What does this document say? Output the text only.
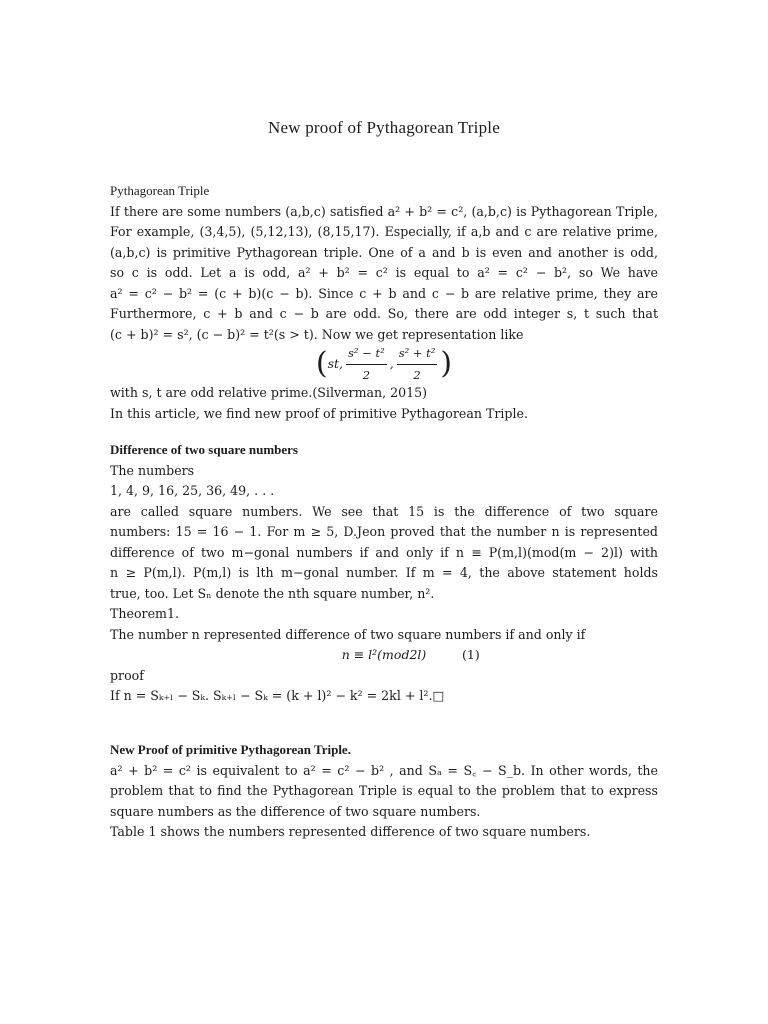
New proof of Pythagorean Triple
Pythagorean Triple
If there are some numbers (a,b,c) satisfied a² + b² = c², (a,b,c) is Pythagorean Triple,
For example, (3,4,5), (5,12,13), (8,15,17). Especially, if a,b and c are relative prime,
(a,b,c) is primitive Pythagorean triple. One of a and b is even and another is odd,
so c is odd. Let a is odd, a² + b² = c² is equal to a² = c² − b², so We have
a² = c² − b² = (c + b)(c − b). Since c + b and c − b are relative prime, they are
Furthermore, c + b and c − b are odd. So, there are odd integer s, t such that
(c + b)² = s², (c − b)² = t²(s > t). Now we get representation like
( st, $\frac{\text{s² − t²}}{2}$ , $\frac{\text{s² + t²}}{2}$ )
with s, t are odd relative prime.(Silverman, 2015)
In this article, we find new proof of primitive Pythagorean Triple.
Difference of two square numbers
The numbers
1, 4, 9, 16, 25, 36, 49, . . .
are called square numbers. We see that 15 is the difference of two square
numbers: 15 = 16 − 1. For m ≥ 5, D.Jeon proved that the number n is represented
difference of two m−gonal numbers if and only if n ≡ P(m,l)(mod(m − 2)l) with
n ≥ P(m,l). P(m,l) is lth m−gonal number. If m = 4, the above statement holds
true, too. Let Sₙ denote the nth square number, n².
Theorem1.
The number n represented difference of two square numbers if and only if
n ≡ l²(mod2l)	(1)
proof
If n = Sₖ₊ₗ − Sₖ. Sₖ₊ₗ − Sₖ = (k + l)² − k² = 2kl + l².□
New Proof of primitive Pythagorean Triple.
a² + b² = c² is equivalent to a² = c² − b² , and Sₐ = S꜀ − S_b. In other words, the
problem that to find the Pythagorean Triple is equal to the problem that to express
square numbers as the difference of two square numbers.
Table 1 shows the numbers represented difference of two square numbers.
